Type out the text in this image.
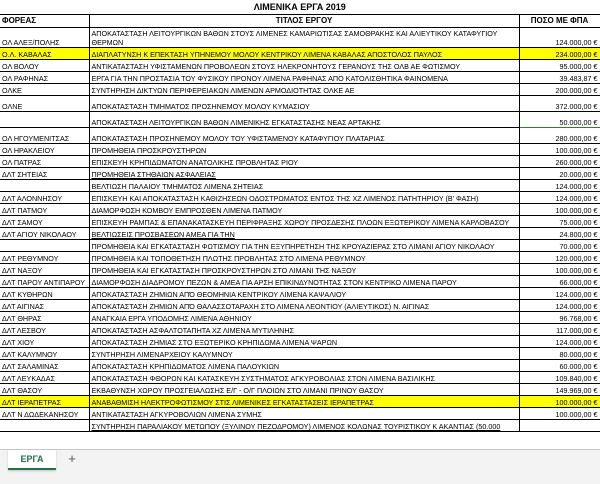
ΛΙΜΕΝΙΚΑ ΕΡΓΑ 2019		
ΦΟΡΕΑΣ	ΤΙΤΛΟΣ ΕΡΓΟΥ	ΠΟΣΟ ΜΕ ΦΠΑ
ΟΛ ΑΛΕΞ/ΠΟΛΗΣ	ΑΠΟΚΑΤΑΣΤΑΣΗ ΛΕΙΤΟΥΡΓΙΚΩΝ ΒΑΘΩΝ ΣΤΟΥΣ ΛΙΜΕΝΕΣ ΚΑΜΑΡΙΩΤΙΣΑΣ ΣΑΜΟΘΡΑΚΗΣ ΚΑΙ ΑΛΙΕΥΤΙΚΟΥ ΚΑΤΑΦΥΓΙΟΥ ΘΕΡΜΩΝ	124.000,00 €
Ο.Λ. ΚΑΒΑΛΑΣ	ΔΙΑΠΛΑΤΥΝΣΗ Κ ΕΠΕΚΤΑΣΗ ΥΠΗΝΕΜΟΥ ΜΟΛΟΥ ΚΕΝΤΡΙΚΟΥ ΛΙΜΕΝΑ ΚΑΒΑΛΑΣ ΑΠΟΣΤΟΛΟΣ ΠΑΥΛΟΣ	234.000,00 €
ΟΛ ΒΟΛΟΥ	ΑΝΤΙΚΑΤΑΣΤΑΣΗ ΥΦΙΣΤΑΜΕΝΩΝ ΠΡΟΒΟΛΕΩΝ ΣΤΟΥΣ ΗΛΕΚΡΟΝΗΤΟΥΣ ΓΕΡΑΝΟΥΣ ΤΗΣ ΟΛΒ ΑΕ ΦΩΤΙΣΜΟΥ	95.000,00 €
ΟΛ ΡΑΦΗΝΑΣ	ΕΡΓΑ ΓΙΑ ΤΗΝ ΠΡΟΣΤΑΣΙΑ ΤΟΥ ΦΥΣΙΚΟΥ ΠΡΟΝΟΥ ΛΙΜΕΝΑ ΡΑΦΗΝΑΣ ΑΠΟ ΚΑΤΟΛΙΣΘΗΤΙΚΑ ΦΑΙΝΟΜΕΝΑ	39.483,87 €
ΟΛΚΕ	ΣΥΝΤΗΡΗΣΗ ΔΙΚΤΥΩΝ ΠΕΡΙΦΕΡΕΙΑΚΩΝ ΛΙΜΕΝΩΝ ΑΡΜΟΔΙΟΤΗΤΑΣ ΟΛΚΕ ΑΕ	200.000,00 €
ΟΛΝΕ	ΑΠΟΚΑΤΑΣΤΑΣΗ ΤΜΗΜΑΤΟΣ ΠΡΟΣΗΝΕΜΟΥ ΜΟΛΟΥ ΚΥΜΑΣΙΟΥ	372.000,00 €
	ΑΠΟΚΑΤΑΣΤΑΣΗ ΛΕΙΤΟΥΡΓΙΚΩΝ ΒΑΘΩΝ ΛΙΜΕΝΙΚΗΣ ΕΓΚΑΤΑΣΤΑΣΗΣ ΝΕΑΣ ΑΡΤΑΚΗΣ	50.000,00 €
ΟΛ ΗΓΟΥΜΕΝΙΤΣΑΣ	ΑΠΟΚΑΤΑΣΤΑΣΗ ΠΡΟΣΗΝΕΜΟΥ ΜΟΛΟΥ ΤΟΥ ΥΦΙΣΤΑΜΕΝΟΥ ΚΑΤΑΦΥΓΙΟΥ ΠΛΑΤΑΡΙΑΣ	280.000,00 €
ΟΛ ΗΡΑΚΛΕΙΟΥ	ΠΡΟΜΗΘΕΙΑ ΠΡΟΣΚΡΟΥΣΤΗΡΩΝ	100.000,00 €
ΟΛ ΠΑΤΡΑΣ	ΕΠΙΣΚΕΥΗ ΚΡΗΠΙΔΩΜΑΤΟΝ ΑΝΑΤΟΛΙΚΗΣ ΠΡΟΒΛΗΤΑΣ ΡΙΟΥ	260.000,00 €
ΔΛΤ ΣΗΤΕΙΑΣ	ΠΡΟΜΗΘΕΙΑ ΣΤΗΘΑΙΩΝ ΑΣΦΑΛΕΙΑΣ	20.000,00 €
	ΒΕΛΤΙΩΣΗ ΠΑΛΑΙΟΥ ΤΜΗΜΑΤΟΣ ΛΙΜΕΝΑ ΣΗΤΕΙΑΣ	124.000,00 €
ΔΛΤ ΑΛΟΝΝΗΣΟΥ	ΕΠΙΣΚΕΥΗ ΚΑΙ ΑΠΟΚΑΤΑΣΤΑΣΗ ΚΑΘΙΖΗΣΕΩΝ ΟΔΟΣΤΡΩΜΑΤΟΣ ΕΝΤΟΣ ΤΗΣ ΧΖ ΛΙΜΕΝΟΣ ΠΑΤΗΤΗΡΙΟΥ (Β' ΦΑΣΗ)	124.000,00 €
ΔΛΤ ΠΑΤΜΟΥ	ΔΙΑΜΟΡΦΩΣΗ ΚΟΜΒΟΥ ΕΜΠΡΟΣΘΕΝ ΛΙΜΕΝΑ ΠΑΤΜΟΥ	100.000,00 €
ΔΛΤ ΣΑΜΟΥ	ΕΠΙΣΚΕΥΗ ΡΑΜΠΑΣ & ΕΠΑΝΑΚΑΤΑΣΚΕΥΗ ΠΕΡΙΦΡΑΞΗΣ ΧΩΡΟΥ ΠΡΟΣΔΕΣΗΣ ΠΛΟΩΝ ΕΞΩΤΕΡΙΚΟΥ ΛΙΜΕΝΑ ΚΑΡΛΟΒΑΣΟΥ	75.000,00 €
ΔΛΤ ΑΓΙΟΥ ΝΙΚΟΛΑΟΥ	ΒΕΛΤΙΩΣΕΙΣ ΠΡΟΣΒΑΣΕΩΝ ΑΜΕΑ ΓΙΑ ΤΗΝ	24.800,00 €
	ΠΡΟΜΗΘΕΙΑ ΚΑΙ ΕΓΚΑΤΑΣΤΑΣΗ ΦΩΤΙΣΜΟΥ ΓΙΑ ΤΗΝ ΕΞΥΠΗΡΕΤΗΣΗ ΤΗΣ ΚΡΟΥΑΖΙΕΡΑΣ ΣΤΟ ΛΙΜΑΝΙ ΑΓΙΟΥ ΝΙΚΟΛΑΟΥ	70.000,00 €
ΔΛΤ ΡΕΘΥΜΝΟΥ	ΠΡΟΜΗΘΕΙΑ ΚΑΙ ΤΟΠΟΘΕΤΗΣΗ ΠΛΩΤΗΣ ΠΡΟΒΛΗΤΑΣ ΣΤΟ ΛΙΜΕΝΑ ΡΕΘΥΜΝΟΥ	120.000,00 €
ΔΛΤ ΝΑΞΟΥ	ΠΡΟΜΗΘΕΙΑ ΚΑΙ ΕΓΚΑΤΑΣΤΑΣΗ ΠΡΟΣΚΡΟΥΣΤΗΡΩΝ ΣΤΟ ΛΙΜΑΝΙ ΤΗΣ ΝΑΞΟΥ	100.000,00 €
ΔΛΤ ΠΑΡΟΥ ΑΝΤΙΠΑΡΟΥ	ΔΙΑΜΟΡΦΩΣΗ ΔΙΑΔΡΟΜΟΥ ΠΕΖΩΝ & ΑΜΕΑ ΓΙΑ ΑΡΣΗ ΕΠΙΚΙΝΔΥΝΟΤΗΤΑΣ ΣΤΟΝ ΚΕΝΤΡΙΚΟ ΛΙΜΕΝΑ ΠΑΡΟΥ	66.000,00 €
ΔΛΤ ΚΥΘΗΡΩΝ	ΑΠΟΚΑΤΑΣΤΑΣΗ ΖΗΜΙΩΝ ΑΠΌ ΘΕΟΜΗΝΙΑ ΚΕΝΤΡΙΚΟΥ ΛΙΜΕΝΑ ΚΑΨΑΛΙΟΥ	124.000,00 €
ΔΛΤ ΑΙΓΙΝΑΣ	ΑΠΟΚΑΤΑΣΤΑΣΗ ΖΗΜΙΩΝ ΑΠΌ ΘΑΛΑΣΣΟΤΑΡΑΧΗ ΣΤΟ ΛΙΜΕΝΑ ΛΕΟΝΤΙΟΥ (ΑΛΙΕΥΤΙΚΟΣ) Ν. ΑΙΓΙΝΑΣ	124.000,00 €
ΔΛΤ ΘΗΡΑΣ	ΑΝΑΓΚΑΙΑ ΕΡΓΑ ΥΠΟΔΟΜΗΣ ΛΙΜΕΝΑ ΑΘΗΝΙΟΥ	96.768,00 €
ΔΛΤ ΛΕΣΒΟΥ	ΑΠΟΚΑΤΑΣΤΑΣΗ ΑΣΦΑΛΤΟΤΑΠΗΤΑ ΧΖ ΛΙΜΕΝΑ ΜΥΤΙΛΗΝΗΣ	117.000,00 €
ΔΛΤ ΧΙΟΥ	ΑΠΟΚΑΤΑΣΤΑΣΗ ΖΗΜΙΑΣ ΣΤΟ ΕΞΩΤΕΡΙΚΟ ΚΡΗΠΙΔΩΜΑ ΛΙΜΕΝΑ ΨΑΡΩΝ	124.000,00 €
ΔΛΤ ΚΑΛΥΜΝΟΥ	ΣΥΝΤΗΡΗΣΗ ΛΙΜΕΝΑΡΧΕΙΟΥ ΚΑΛΥΜΝΟΥ	80.000,00 €
ΔΛΤ ΣΑΛΑΜΙΝΑΣ	ΑΠΟΚΑΤΑΣΤΑΣΗ ΚΡΗΠΙΔΩΜΑΤΟΣ ΛΙΜΕΝΑ ΠΑΛΟΥΚΙΩΝ	60.000,00 €
ΔΛΤ ΛΕΥΚΑΔΑΣ	ΑΠΟΚΑΤΑΣΤΑΣΗ ΦΘΟΡΩΝ ΚΑΙ ΚΑΤΑΣΚΕΥΗ ΣΥΣΤΗΜΑΤΟΣ ΑΓΚΥΡΟΒΟΛΙΑΣ ΣΤΟΝ ΛΙΜΕΝΑ ΒΑΣΙΛΙΚΗΣ	109.840,00 €
ΔΛΤ ΘΑΣΟΥ	ΕΚΒΑΘΥΝΣΗ ΧΩΡΟΥ ΠΡΟΣΓΕΙΑΛΩΣΗΣ Ε/Γ - Ο/Γ ΠΛΟΙΩΝ ΣΤΟ ΛΙΜΑΝΙ ΠΡΙΝΟΥ ΘΑΣΟΥ	149.969,00 €
ΔΛΤ ΙΕΡΑΠΕΤΡΑΣ	ΑΝΑΒΑΘΜΙΣΗ ΗΛΕΚΤΡΟΦΩΤΙΣΜΟΥ ΣΤΙΣ ΛΙΜΕΝΙΚΕΣ ΕΓΚΑΤΑΣΤΑΣΕΙΣ ΙΕΡΑΠΕΤΡΑΣ	100.000,00 €
ΔΛΤ Ν ΔΩΔΕΚΑΝΗΣΟΥ	ΑΝΤΙΚΑΤΑΣΤΑΣΗ ΑΓΚΥΡΟΒΟΛΙΩΝ ΛΙΜΕΝΑ ΣΥΜΗΣ	100.000,00 €
	ΣΥΝΤΗΡΗΣΗ ΠΑΡΑΛΙΑΚΟΥ ΜΕΤΩΠΟΥ (ΞΥΛΙΝΟΥ ΠΕΖΟΔΡΟΜΟΥ) ΛΙΜΕΝΟΣ ΚΟΛΩΝΑΣ ΤΟΥΡΙΣΤΙΚΟΥ Κ ΑΚΑΝΤΙΑΣ (50.000	
ΕΡΓΑ	+
